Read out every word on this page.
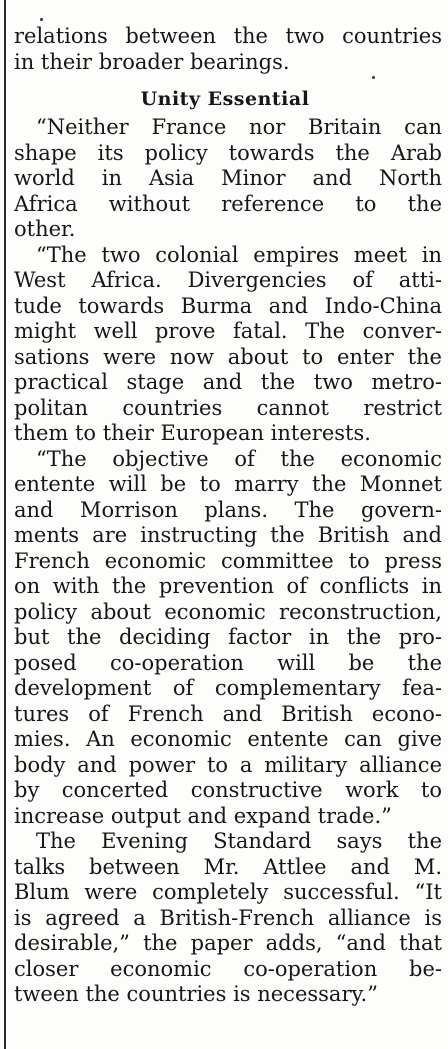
relations between the two countries
in their broader bearings.
Unity Essential
“Neither France nor Britain can
shape its policy towards the Arab
world in Asia Minor and North
Africa without reference to the
other.
“The two colonial empires meet in
West Africa. Divergencies of atti-
tude towards Burma and Indo-China
might well prove fatal. The conver-
sations were now about to enter the
practical stage and the two metro-
politan countries cannot restrict
them to their European interests.
“The objective of the economic
entente will be to marry the Monnet
and Morrison plans. The govern-
ments are instructing the British and
French economic committee to press
on with the prevention of conflicts in
policy about economic reconstruction,
but the deciding factor in the pro-
posed co-operation will be the
development of complementary fea-
tures of French and British econo-
mies. An economic entente can give
body and power to a military alliance
by concerted constructive work to
increase output and expand trade.”
The Evening Standard says the
talks between Mr. Attlee and M.
Blum were completely successful. “It
is agreed a British-French alliance is
desirable,” the paper adds, “and that
closer economic co-operation be-
tween the countries is necessary.”
